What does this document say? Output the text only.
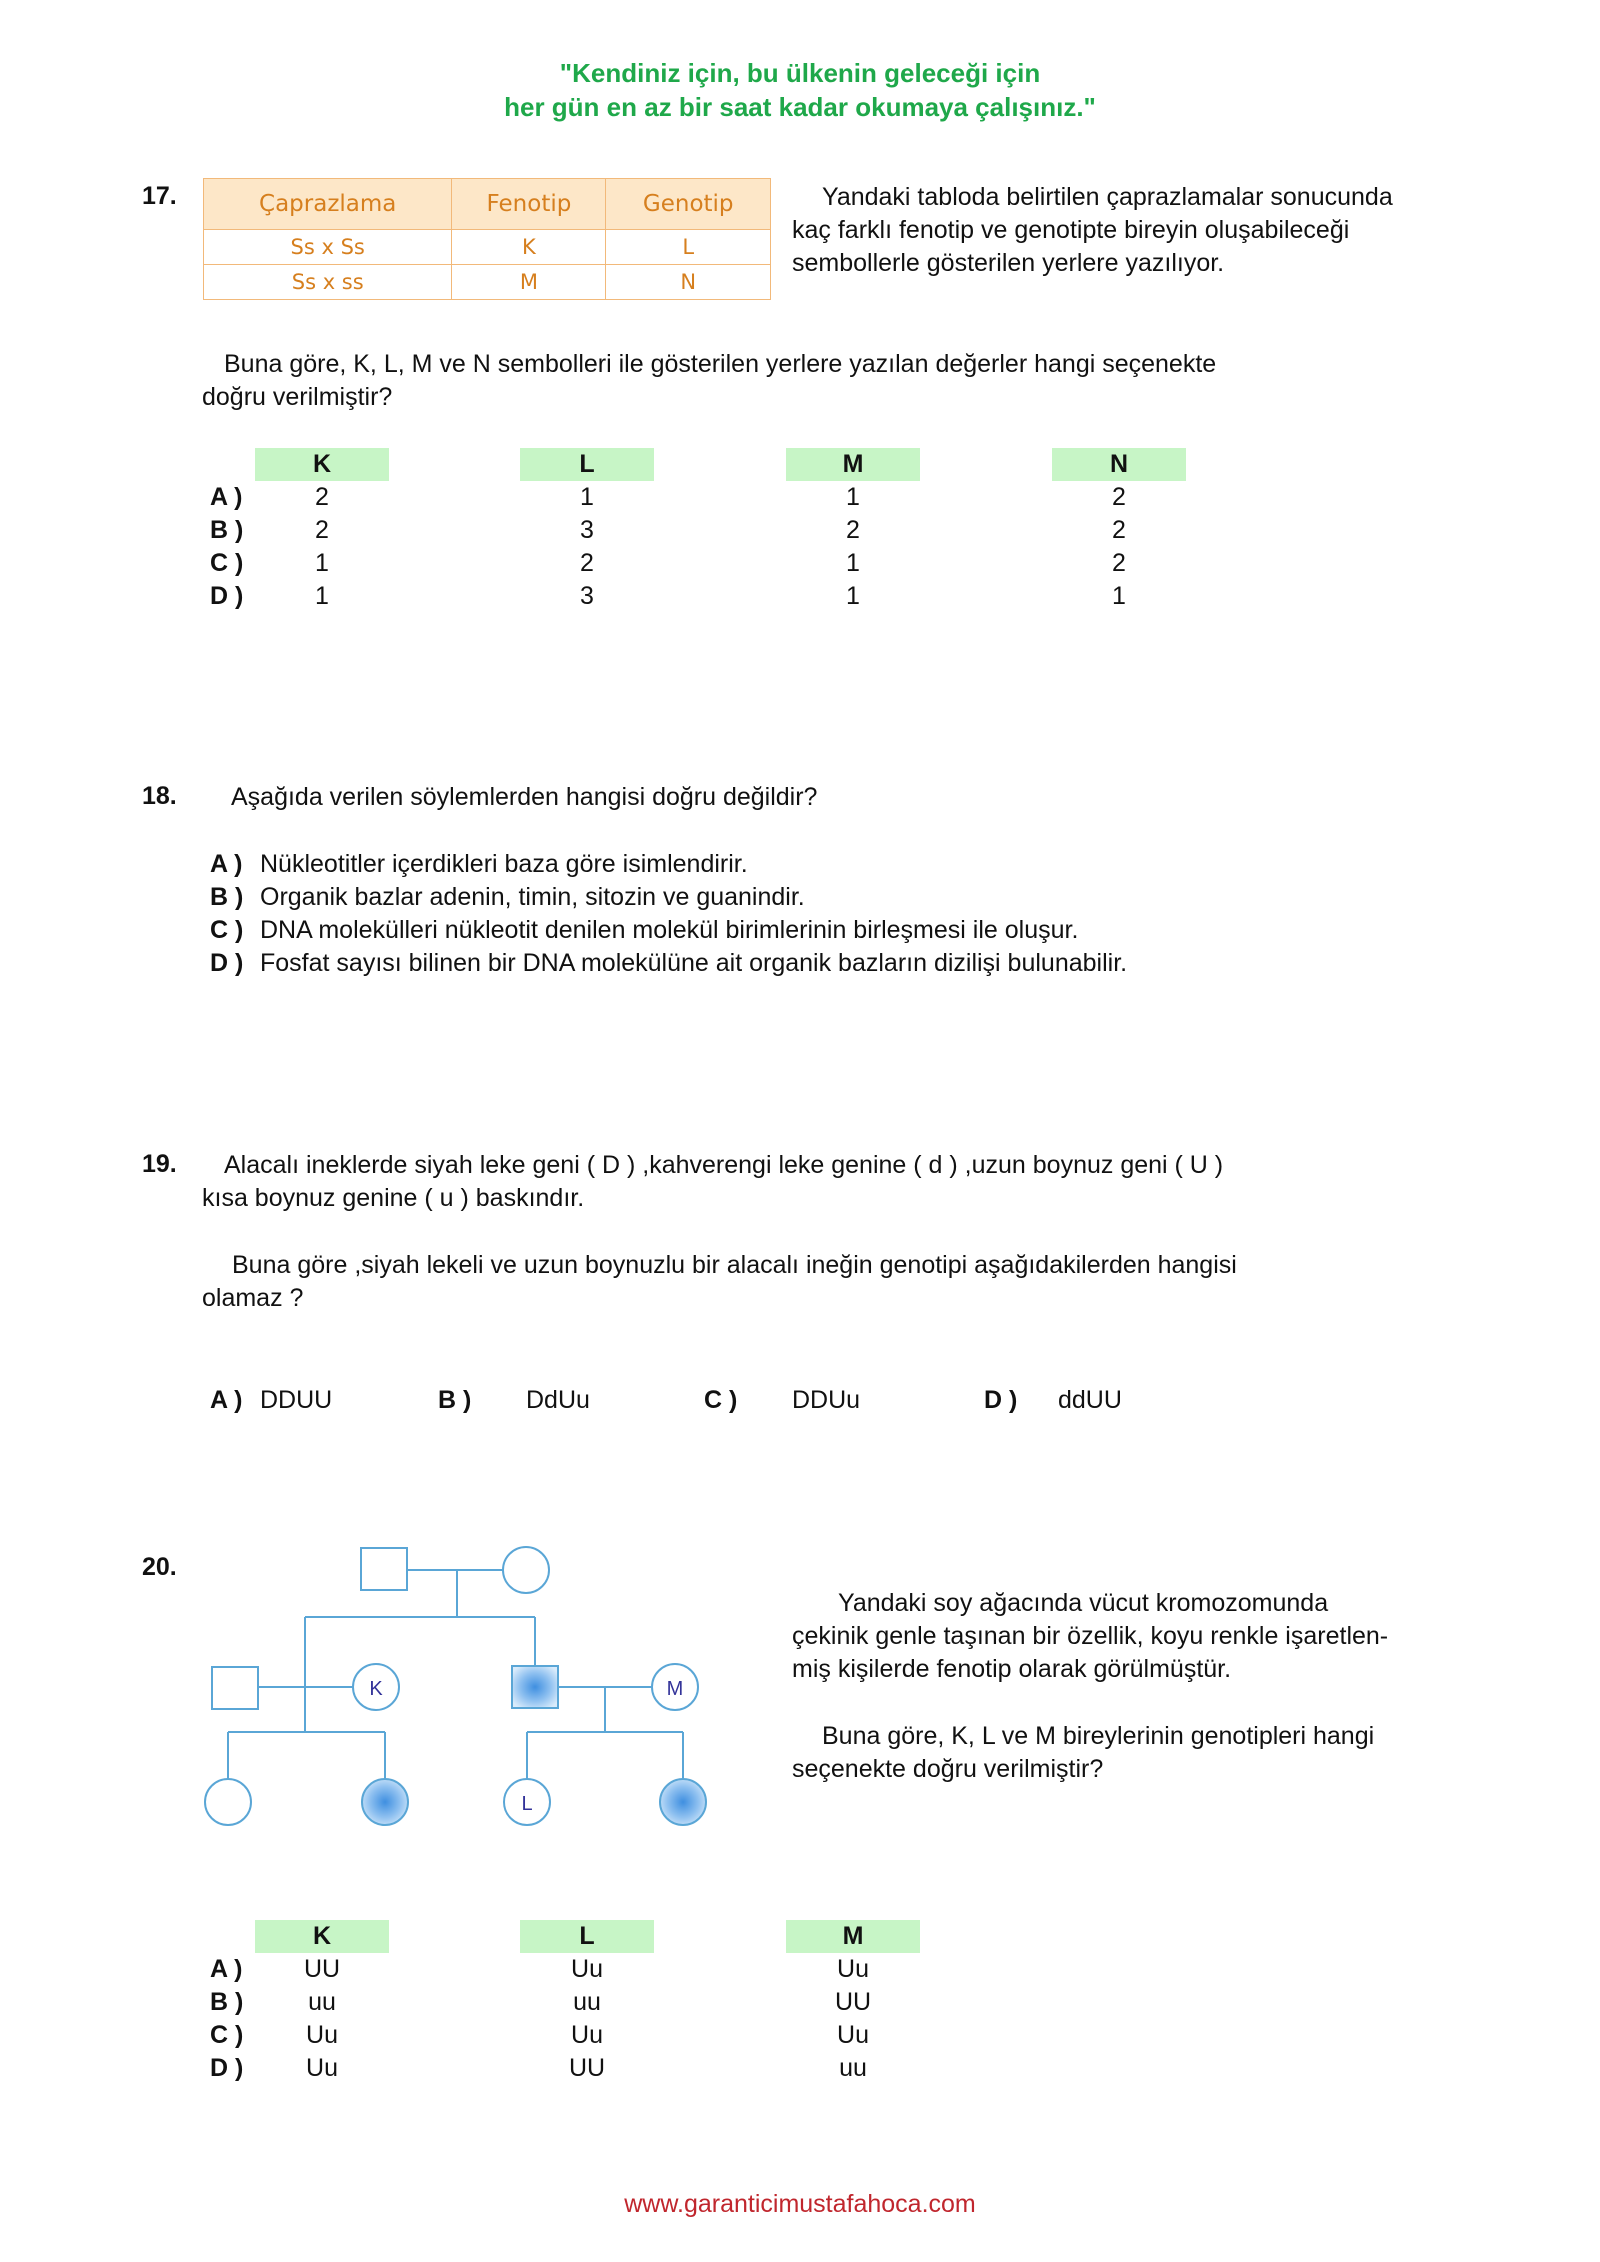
"Kendiniz için, bu ülkenin geleceği için
her gün en az bir saat kadar okumaya çalışınız."
17.	Çaprazlama	Fenotip	Genotip
Ss x Ss	K	L
Ss x ss	M	N
Yandaki tabloda belirtilen çaprazlamalar sonucunda
kaç farklı fenotip ve genotipte bireyin oluşabileceği
sembollerle gösterilen yerlere yazılıyor.
Buna göre, K, L, M ve N sembolleri ile gösterilen yerlere yazılan değerler hangi seçenekte
doğru verilmiştir?
K	L	M	N
A )	2	1	1	2
B )	2	3	2	2
C )	1	2	1	2
D )	1	3	1	1
18. Aşağıda verilen söylemlerden hangisi doğru değildir?
A ) Nükleotitler içerdikleri baza göre isimlendirir.
B ) Organik bazlar adenin, timin, sitozin ve guanindir.
C ) DNA molekülleri nükleotit denilen molekül birimlerinin birleşmesi ile oluşur.
D ) Fosfat sayısı bilinen bir DNA molekülüne ait organik bazların dizilişi bulunabilir.
19. Alacalı ineklerde siyah leke geni ( D ) ,kahverengi leke genine ( d ) ,uzun boynuz geni ( U )
kısa boynuz genine ( u ) baskındır.
Buna göre ,siyah lekeli ve uzun boynuzlu bir alacalı ineğin genotipi aşağıdakilerden hangisi
olamaz ?
A ) DDUU	B ) DdUu	C ) DDUu	D ) ddUU
20.
K	M
L
Yandaki soy ağacında vücut kromozomunda
çekinik genle taşınan bir özellik, koyu renkle işaretlen-
miş kişilerde fenotip olarak görülmüştür.
Buna göre, K, L ve M bireylerinin genotipleri hangi
seçenekte doğru verilmiştir?
K	L	M
A )	UU	Uu	Uu
B )	uu	uu	UU
C )	Uu	Uu	Uu
D )	Uu	UU	uu
www.garanticimustafahoca.com
